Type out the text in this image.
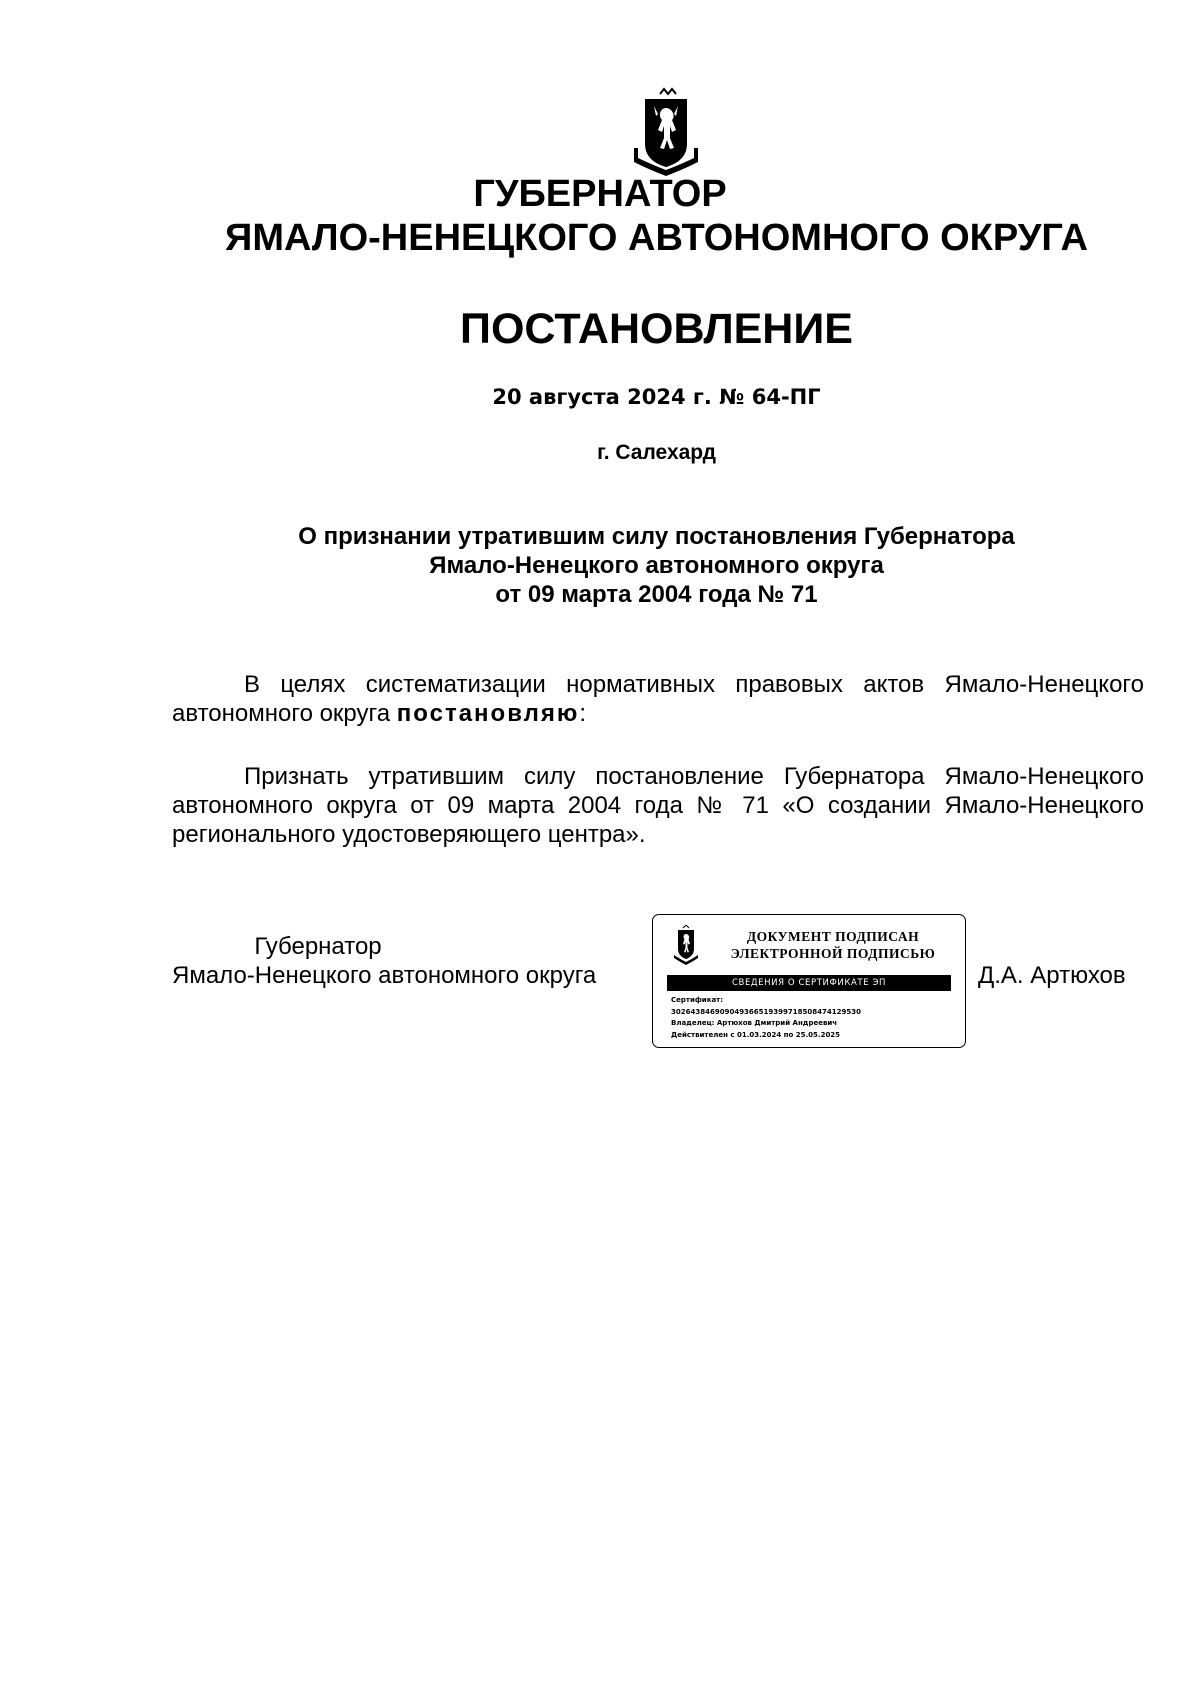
ГУБЕРНАТОР
ЯМАЛО-НЕНЕЦКОГО АВТОНОМНОГО ОКРУГА
ПОСТАНОВЛЕНИЕ
20 августа 2024 г. № 64-ПГ
г. Салехард
О признании утратившим силу постановления Губернатора
Ямало-Ненецкого автономного округа
от 09 марта 2004 года № 71
В целях систематизации нормативных правовых актов Ямало-Ненецкого автономного округа постановляю:
Признать утратившим силу постановление Губернатора Ямало-Ненецкого автономного округа от 09 марта 2004 года № 71 «О создании Ямало-Ненецкого регионального удостоверяющего центра».
Губернатор
Ямало-Ненецкого автономного округа
ДОКУМЕНТ ПОДПИСАН
ЭЛЕКТРОННОЙ ПОДПИСЬЮ
СВЕДЕНИЯ О СЕРТИФИКАТЕ ЭП
Сертификат:
302643846909049366519399718508474129530
Владелец: Артюхов Дмитрий Андреевич
Действителен с 01.03.2024 по 25.05.2025
Д.А. Артюхов
